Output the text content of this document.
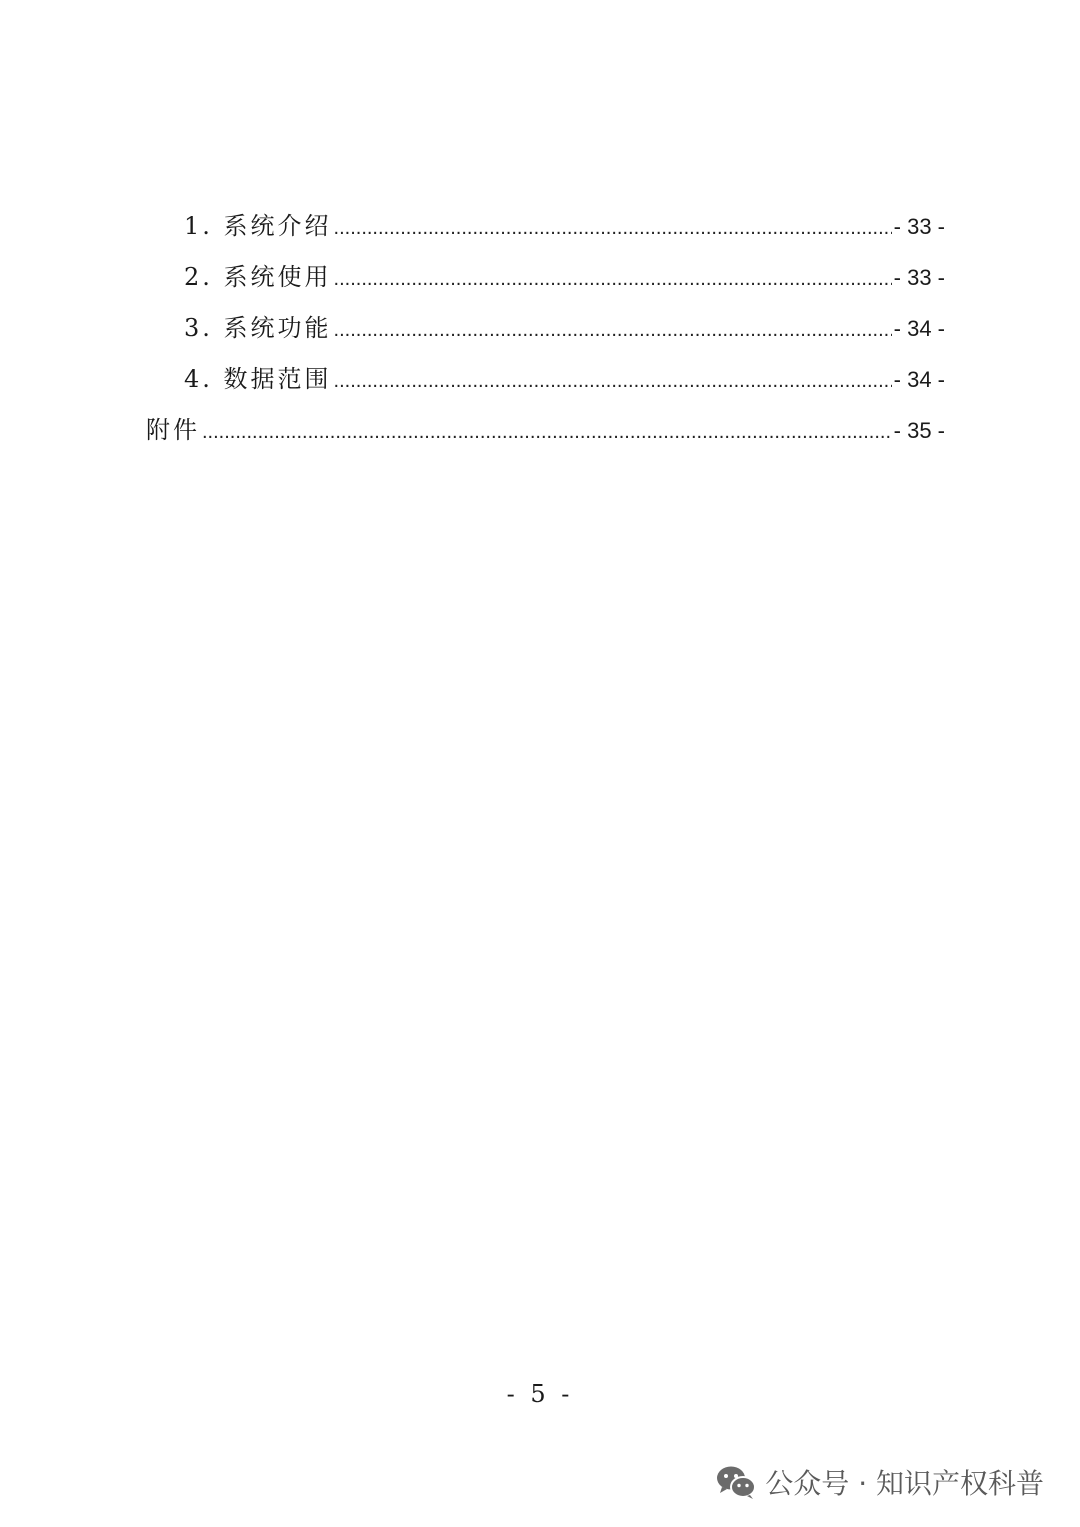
1. 系统介绍 .....	- 33 -
2. 系统使用 .....	- 33 -
3. 系统功能 .....	- 34 -
4. 数据范围 .....	- 34 -
附件 .....	- 35 -
- 5 -
公众号 · 知识产权科普
